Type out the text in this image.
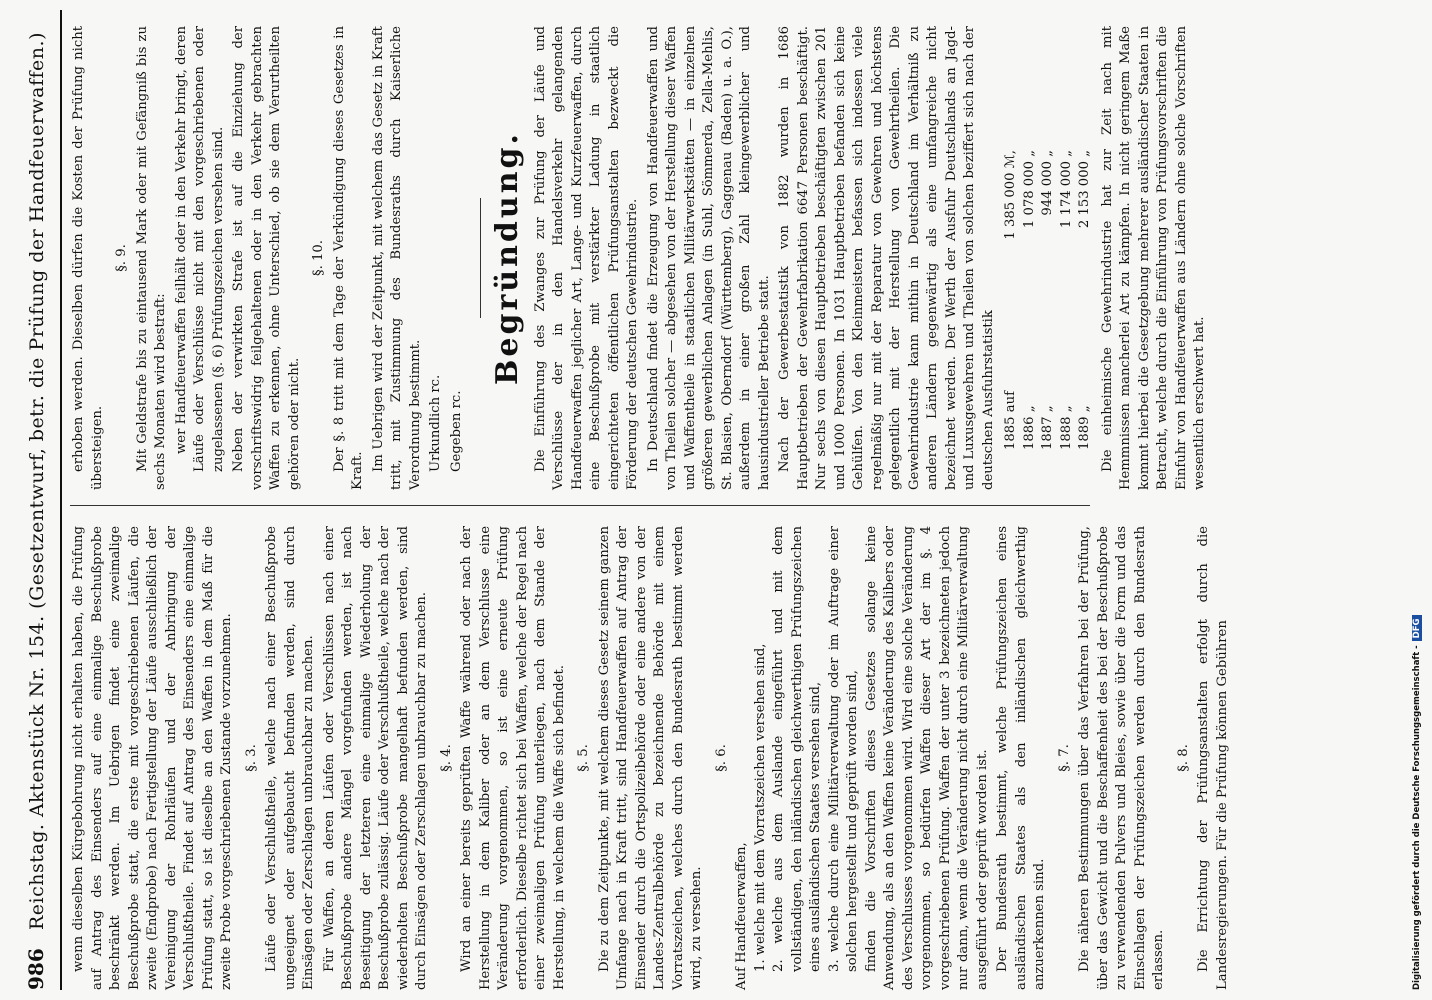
986
Reichstag. Aktenstück Nr. 154. (Gesetzentwurf, betr. die Prüfung der Handfeuerwaffen.) wenn dieselben Kürgebohrung nicht erhalten haben, die Prüfung auf Antrag des Einsenders auf eine einmalige Beschußprobe beschränkt werden. Im Uebrigen findet eine zweimalige Beschußprobe statt, die erste mit vorgeschriebenen Läufen, die zweite (Endprobe) nach Fertigstellung der Läufe ausschließlich der Vereinigung der Rohrläufen und der Anbringung der Verschlußtheile. Findet auf Antrag des Einsenders eine einmalige Prüfung statt, so ist dieselbe an den Waffen in dem Maß für die zweite Probe vorgeschriebenen Zustande vorzunehmen. §. 3. Läufe oder Verschlußtheile, welche nach einer Beschußprobe ungeeignet oder aufgebaucht befunden werden, sind durch Einsägen oder Zerschlagen unbrauchbar zu machen. Für Waffen, an deren Läufen oder Verschlüssen nach einer Beschußprobe andere Mängel vorgefunden werden, ist nach Beseitigung der letzteren eine einmalige Wiederholung der Beschußprobe zulässig. Läufe oder Verschlußtheile, welche nach der wiederholten Beschußprobe mangelhaft befunden werden, sind durch Einsägen oder Zerschlagen unbrauchbar zu machen. §. 4. Wird an einer bereits geprüften Waffe während oder nach der Herstellung in dem Kaliber oder an dem Verschlusse eine Veränderung vorgenommen, so ist eine erneute Prüfung erforderlich. Dieselbe richtet sich bei Waffen, welche der Regel nach einer zweimaligen Prüfung unterliegen, nach dem Stande der Herstellung, in welchem die Waffe sich befindet. §. 5. Die zu dem Zeitpunkte, mit welchem dieses Gesetz seinem ganzen Umfange nach in Kraft tritt, sind Handfeuerwaffen auf Antrag der Einsender durch die Ortspolizeibehörde oder eine andere von der Landes-Zentralbehörde zu bezeichnende Behörde mit einem Vorratszeichen, welches durch den Bundesrath bestimmt werden wird, zu versehen.

§. 6.

Auf Handfeuerwaffen, 1. welche mit dem Vorratszeichen versehen sind, 2. welche aus dem Auslande eingeführt und mit dem vollständigen, den inländischen gleichwerthigen Prüfungszeichen eines ausländischen Staates versehen sind, 3. welche durch eine Militärverwaltung oder im Auftrage einer solchen hergestellt und geprüft worden sind, finden die Vorschriften dieses Gesetzes solange keine Anwendung, als an den Waffen keine Veränderung des Kalibers oder des Verschlusses vorgenommen wird. Wird eine solche Veränderung vorgenommen, so bedürfen Waffen dieser Art der im §. 4 vorgeschriebenen Prüfung. Waffen der unter 3 bezeichneten jedoch nur dann, wenn die Veränderung nicht durch eine Militärverwaltung ausgeführt oder geprüft worden ist. Der Bundesrath bestimmt, welche Prüfungszeichen eines ausländischen Staates als den inländischen gleichwerthig anzuerkennen sind.

§. 7. Die näheren Bestimmungen über das Verfahren bei der Prüfung, über das Gewicht und die Beschaffenheit des bei der Beschußprobe zu verwendenden Pulvers und Bleies, sowie über die Form und das Einschlagen der Prüfungszeichen werden durch den Bundesrath erlassen.

§. 8. Die Errichtung der Prüfungsanstalten erfolgt durch die Landesregierungen. Für die Prüfung können Gebühren

erhoben werden. Dieselben dürfen die Kosten der Prüfung nicht übersteigen.

§. 9. Mit Geldstrafe bis zu eintausend Mark oder mit Gefängniß bis zu sechs Monaten wird bestraft: wer Handfeuerwaffen feilhält oder in den Verkehr bringt, deren Läufe oder Verschlüsse nicht mit den vorgeschriebenen oder zugelassenen (§. 6) Prüfungszeichen versehen sind. Neben der verwirkten Strafe ist auf die Einziehung der vorschriftswidrig feilgehaltenen oder in den Verkehr gebrachten Waffen zu erkennen, ohne Unterschied, ob sie dem Verurtheilten gehören oder nicht.

§. 10. Der §. 8 tritt mit dem Tage der Verkündigung dieses Gesetzes in Kraft. Im Uebrigen wird der Zeitpunkt, mit welchem das Gesetz in Kraft tritt, mit Zustimmung des Bundesraths durch Kaiserliche Verordnung bestimmt. Urkundlich rc. Gegeben rc.

Begründung. Die Einführung des Zwanges zur Prüfung der Läufe und Verschlüsse der in den Handelsverkehr gelangenden Handfeuerwaffen jeglicher Art, Lange- und Kurzfeuerwaffen, durch eine Beschußprobe mit verstärkter Ladung in staatlich eingerichteten öffentlichen Prüfungsanstalten bezweckt die Förderung der deutschen Gewehrindustrie. In Deutschland findet die Erzeugung von Handfeuerwaffen und von Theilen solcher — abgesehen von der Herstellung dieser Waffen und Waffentheile in staatlichen Militärwerkstätten — in einzelnen größeren gewerblichen Anlagen (in Suhl, Sömmerda, Zella-Mehlis, St. Blasien, Oberndorf (Württemberg), Gaggenau (Baden) u. a. O.), außerdem in einer großen Zahl kleingewerblicher und hausindustrieller Betriebe statt. Nach der Gewerbestatistik von 1882 wurden in 1686 Hauptbetrieben der Gewehrfabrikation 6647 Personen beschäftigt. Nur sechs von diesen Hauptbetrieben beschäftigten zwischen 201 und 1000 Personen. In 1031 Hauptbetrieben befanden sich keine Gehülfen. Von den Kleinmeistern befassen sich indessen viele regelmäßig nur mit der Reparatur von Gewehren und höchstens gelegentlich mit der Herstellung von Gewehrtheilen. Die Gewehrindustrie kann mithin in Deutschland im Verhältniß zu anderen Ländern gegenwärtig als eine umfangreiche nicht bezeichnet werden. Der Werth der Ausfuhr Deutschlands an Jagd- und Luxusgewehren und Theilen von solchen beziffert sich nach der deutschen Ausfuhrstatistik 1885 auf
1 385 000 ℳ,
1886 „
1 078 000 „
1887 „
944 000 „
1888 „
1 174 000 „
1889 „
2 153 000 „ Die einheimische Gewehrindustrie hat zur Zeit nach mit Hemmnissen mancherlei Art zu kämpfen. In nicht geringem Maße kommt hierbei die Gesetzgebung mehrerer ausländischer Staaten in Betracht, welche durch die Einführung von Prüfungsvorschriften die Einfuhr von Handfeuerwaffen aus Ländern ohne solche Vorschriften wesentlich erschwert hat.

Digitalisierung gefördert durch die Deutsche Forschungsgemeinschaft -DFG
